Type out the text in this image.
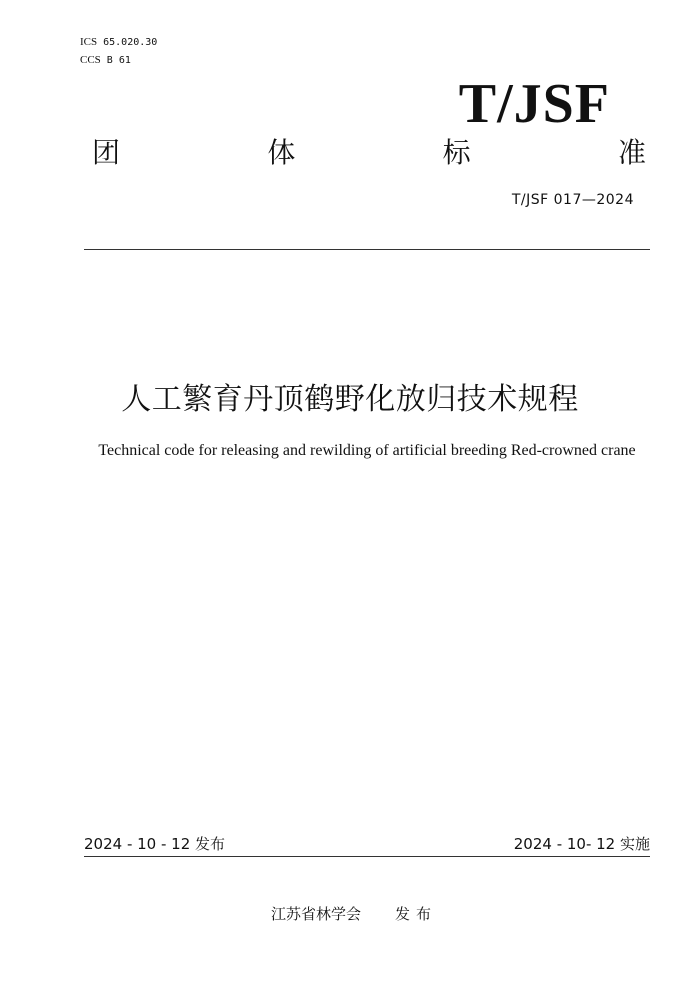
ICS 65.020.30
CCS B 61
T/JSF
团	体	标	准
T/JSF 017—2024
人工繁育丹顶鹤野化放归技术规程
Technical code for releasing and rewilding of artificial breeding Red-crowned crane
2024 - 10 - 12 发布	2024 - 10- 12 实施
江苏省林学会 发布
